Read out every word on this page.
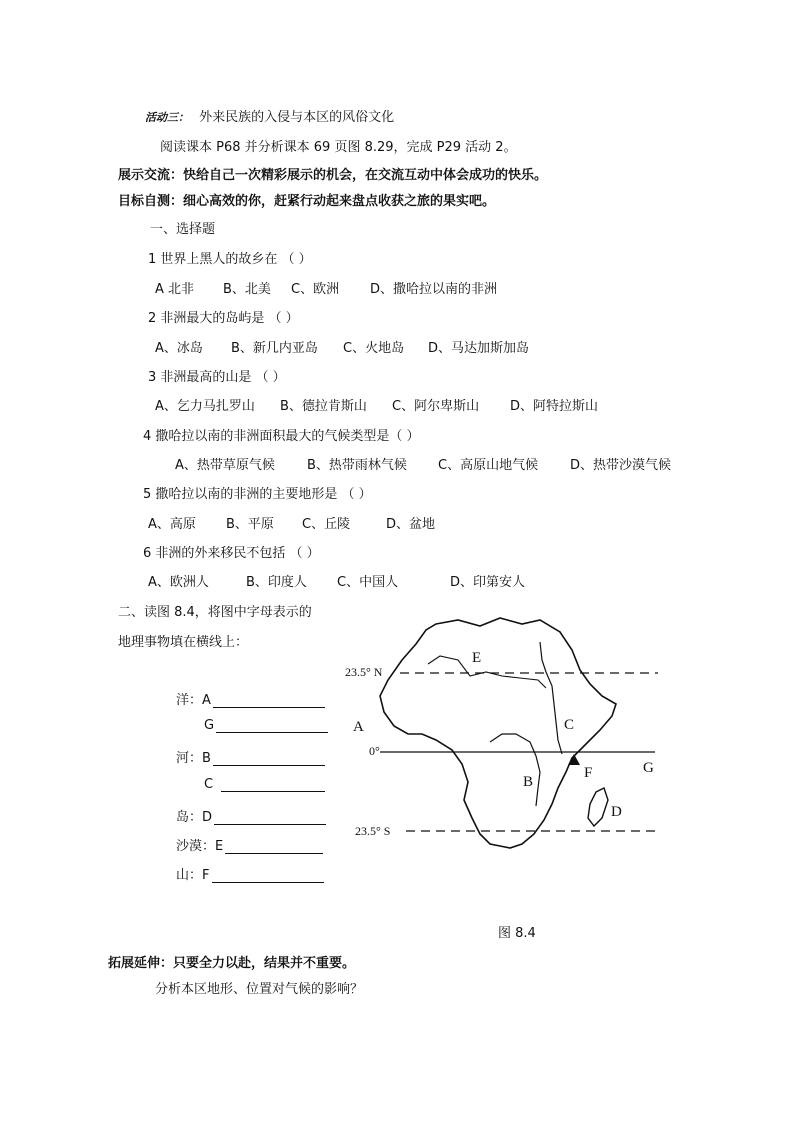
活动三： 外来民族的入侵与本区的风俗文化
阅读课本 P68 并分析课本 69 页图 8.29，完成 P29 活动 2。
展示交流：快给自己一次精彩展示的机会，在交流互动中体会成功的快乐。
目标自测：细心高效的你，赶紧行动起来盘点收获之旅的果实吧。
一、选择题
1 世界上黑人的故乡在 （ ）
A 北非 B、北美 C、欧洲 D、撒哈拉以南的非洲
2 非洲最大的岛屿是 （ ）
A、冰岛 B、新几内亚岛 C、火地岛 D、马达加斯加岛
3 非洲最高的山是 （ ）
A、乞力马扎罗山 B、德拉肯斯山 C、阿尔卑斯山 D、阿特拉斯山
4 撒哈拉以南的非洲面积最大的气候类型是（ ）
A、热带草原气候 B、热带雨林气候 C、高原山地气候 D、热带沙漠气候
5 撒哈拉以南的非洲的主要地形是 （ ）
A、高原 B、平原 C、丘陵	D、盆地
6 非洲的外来移民不包括 （ ）
A、欧洲人	B、印度人 C、中国人	D、印第安人
二、读图 8.4，将图中字母表示的
地理事物填在横线上：
洋：A
G
河：B
C
岛：D
沙漠：E
山：F
23.5° N
0°
23.5° S
A
E
C
B
F	G
D
图 8.4
拓展延伸：只要全力以赴，结果并不重要。
分析本区地形、位置对气候的影响？
